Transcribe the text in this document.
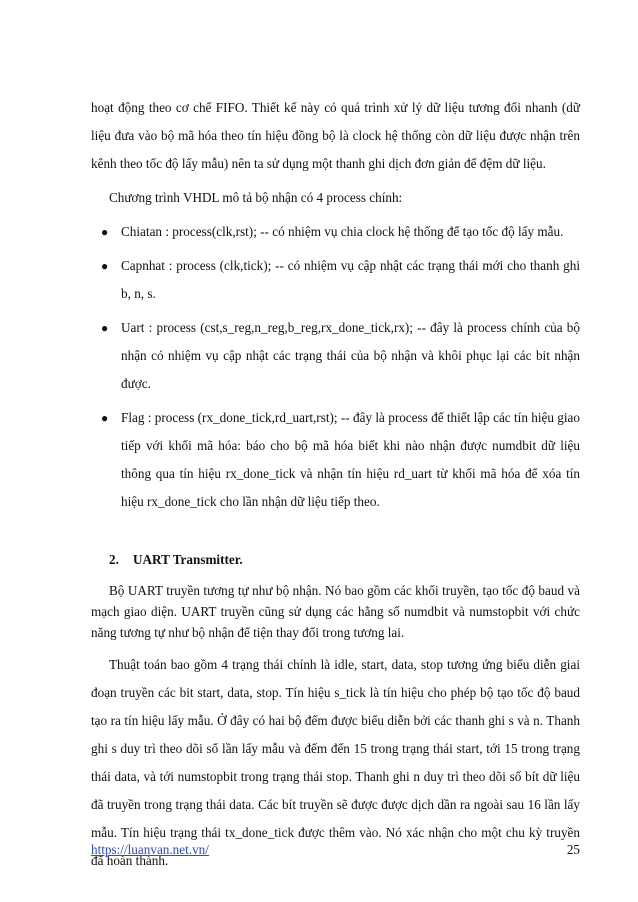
hoạt động theo cơ chế FIFO. Thiết kế này có quá trình xử lý dữ liệu tương đối nhanh (dữ liệu đưa vào bộ mã hóa theo tín hiệu đồng bộ là clock hệ thống còn dữ liệu được nhận trên kênh theo tốc độ lấy mẫu) nên ta sử dụng một thanh ghi dịch đơn giản để đệm dữ liệu.

Chương trình VHDL mô tả bộ nhận có 4 process chính:

● Chiatan : process(clk,rst); -- có nhiệm vụ chia clock hệ thống để tạo tốc độ lấy mẫu.
● Capnhat : process (clk,tick); -- có nhiệm vụ cập nhật các trạng thái mới cho thanh ghi b, n, s.
● Uart : process (cst,s_reg,n_reg,b_reg,rx_done_tick,rx); -- đây là process chính của bộ nhận có nhiệm vụ cập nhật các trạng thái của bộ nhận và khôi phục lại các bit nhận được.
● Flag : process (rx_done_tick,rd_uart,rst); -- đây là process để thiết lập các tín hiệu giao tiếp với khối mã hóa: báo cho bộ mã hóa biết khi nào nhận được numdbit dữ liệu thông qua tín hiệu rx_done_tick và nhận tín hiệu rd_uart từ khối mã hóa để xóa tín hiệu rx_done_tick cho lần nhận dữ liệu tiếp theo.

2. UART Transmitter.

Bộ UART truyền tương tự như bộ nhận. Nó bao gồm các khối truyền, tạo tốc độ baud và mạch giao diện. UART truyền cũng sử dụng các hằng số numdbit và numstopbit với chức năng tương tự như bộ nhận để tiện thay đổi trong tương lai.

Thuật toán bao gồm 4 trạng thái chính là idle, start, data, stop tương ứng biểu diễn giai đoạn truyền các bit start, data, stop. Tín hiệu s_tick là tín hiệu cho phép bộ tạo tốc độ baud tạo ra tín hiệu lấy mẫu. Ở đây có hai bộ đếm được biểu diễn bởi các thanh ghi s và n. Thanh ghi s duy trì theo dõi số lần lấy mẫu và đếm đến 15 trong trạng thái start, tới 15 trong trạng thái data, và tới numstopbit trong trạng thái stop. Thanh ghi n duy trì theo dõi số bít dữ liệu đã truyền trong trạng thái data. Các bít truyền sẽ được được dịch dần ra ngoài sau 16 lần lấy mẫu. Tín hiệu trạng thái tx_done_tick được thêm vào. Nó xác nhận cho một chu kỳ truyền đã hoàn thành.

https://luanvan.net.vn/	25
